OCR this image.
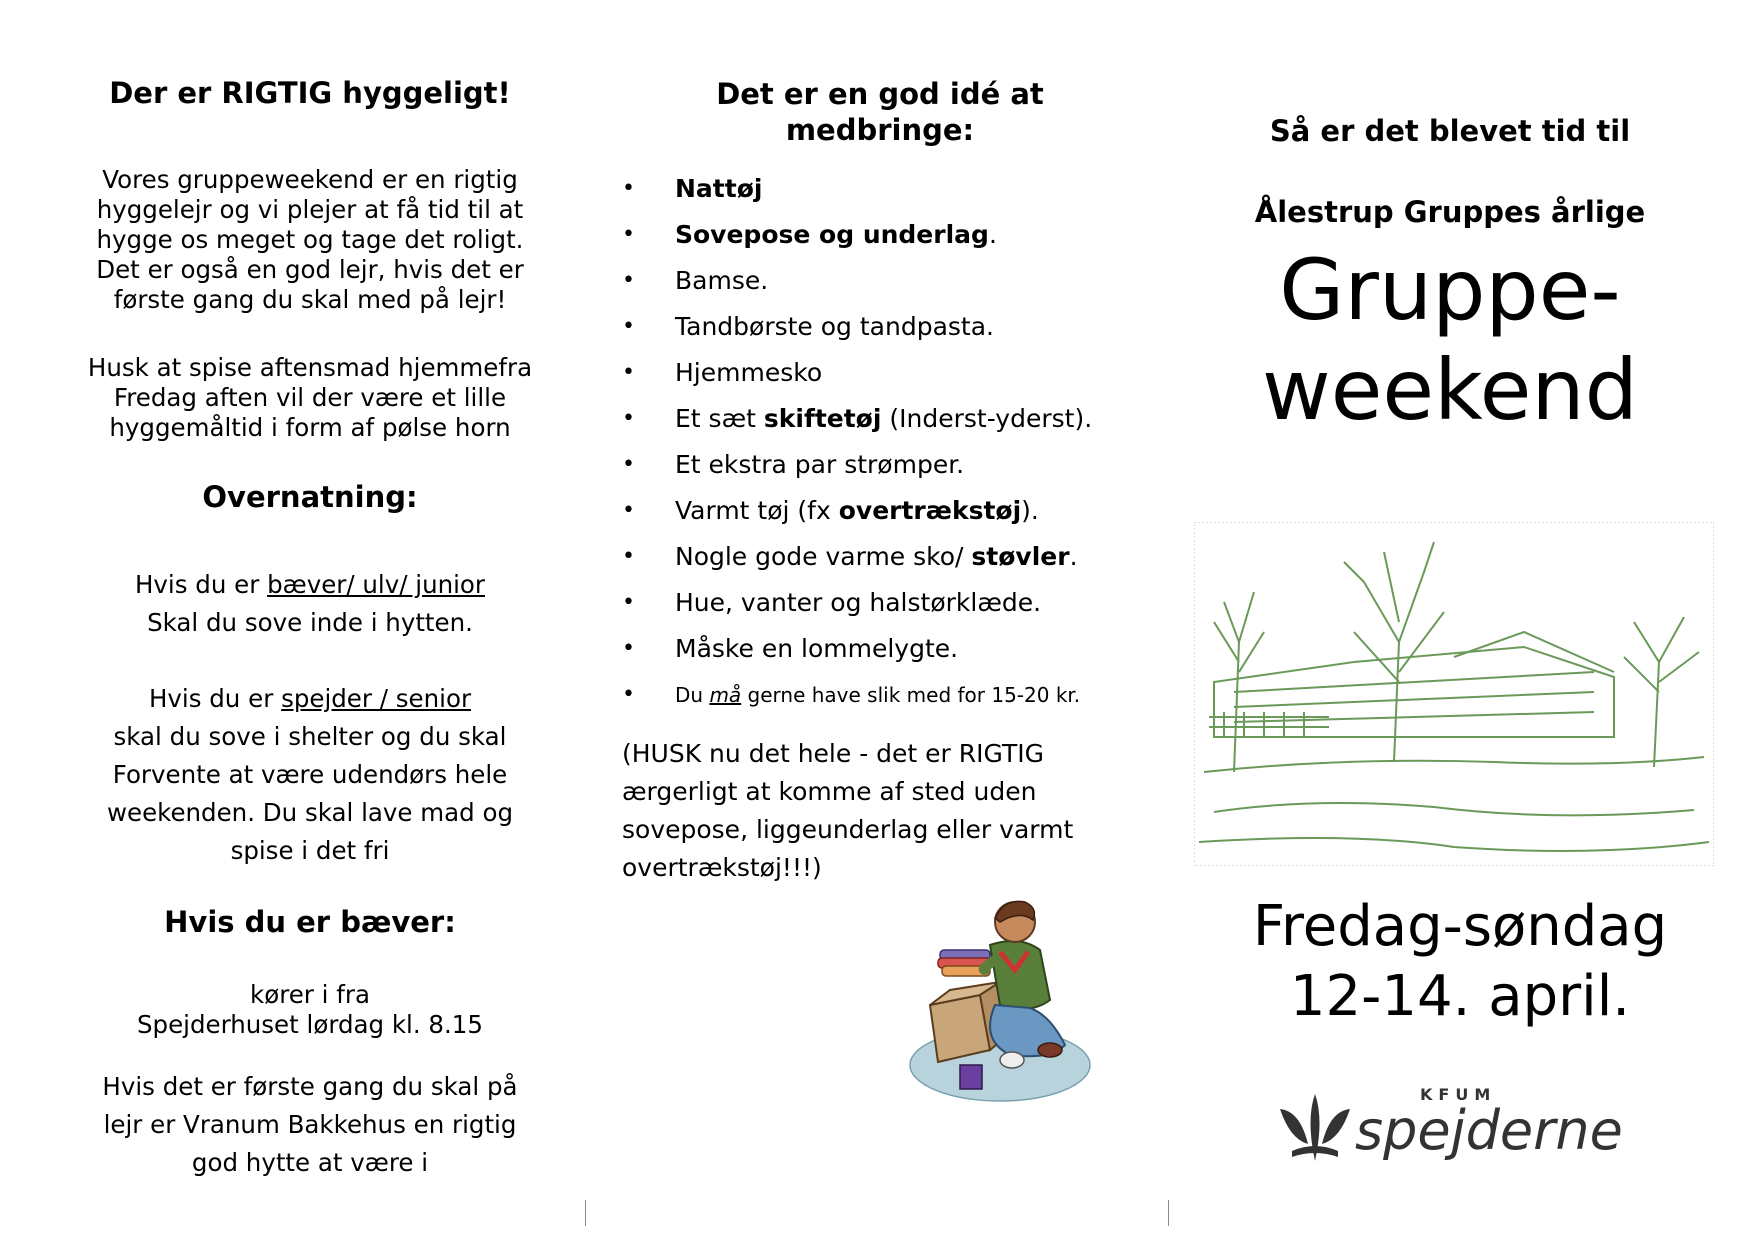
Der er RIGTIG hyggeligt!

Vores gruppeweekend er en rigtig

hyggelejr og vi plejer at få tid til at

hygge os meget og tage det roligt.

Det er også en god lejr, hvis det er

første gang du skal med på lejr!

Husk at spise aftensmad hjemmefra

Fredag aften vil der være et lille

hyggemåltid i form af pølse horn

Overnatning:

Hvis du er bæver/ ulv/ junior

Skal du sove inde i hytten.

Hvis du er spejder / senior

skal du sove i shelter og du skal

Forvente at være udendørs hele

weekenden. Du skal lave mad og

spise i det fri

Hvis du er bæver:

kører i fra

Spejderhuset lørdag kl. 8.15

Hvis det er første gang du skal på

lejr er Vranum Bakkehus en rigtig

god hytte at være i

Det er en god idé at
medbringe:
• Nattøj
• Sovepose og underlag.
• Bamse.
• Tandbørste og tandpasta.
• Hjemmesko
• Et sæt skiftetøj (Inderst-yderst).
• Et ekstra par strømper.
• Varmt tøj (fx overtrækstøj).
• Nogle gode varme sko/ støvler.
• Hue, vanter og halstørklæde.
• Måske en lommelygte.
• Du må gerne have slik med for 15-20 kr.

(HUSK nu det hele - det er RIGTIG

ærgerligt at komme af sted uden

sovepose, liggeunderlag eller varmt

overtrækstøj!!!)

Så er det blevet tid til
Ålestrup Gruppes årlige
Gruppe-
weekend
Fredag-søndag
12-14. april.
KFUM
spejderne
